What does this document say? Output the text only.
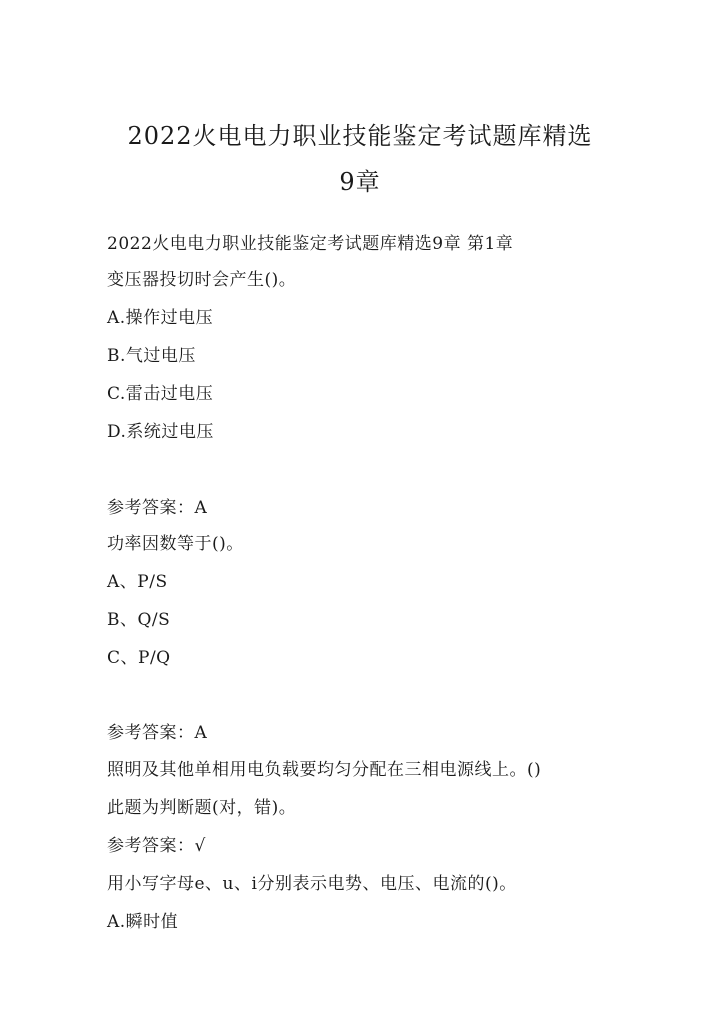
2022火电电力职业技能鉴定考试题库精选
9章
2022火电电力职业技能鉴定考试题库精选9章 第1章
变压器投切时会产生()。
A.操作过电压
B.气过电压
C.雷击过电压
D.系统过电压
参考答案：A
功率因数等于()。
A、P/S
B、Q/S
C、P/Q
参考答案：A
照明及其他单相用电负载要均匀分配在三相电源线上。()
此题为判断题(对，错)。
参考答案：√
用小写字母e、u、i分别表示电势、电压、电流的()。
A.瞬时值
